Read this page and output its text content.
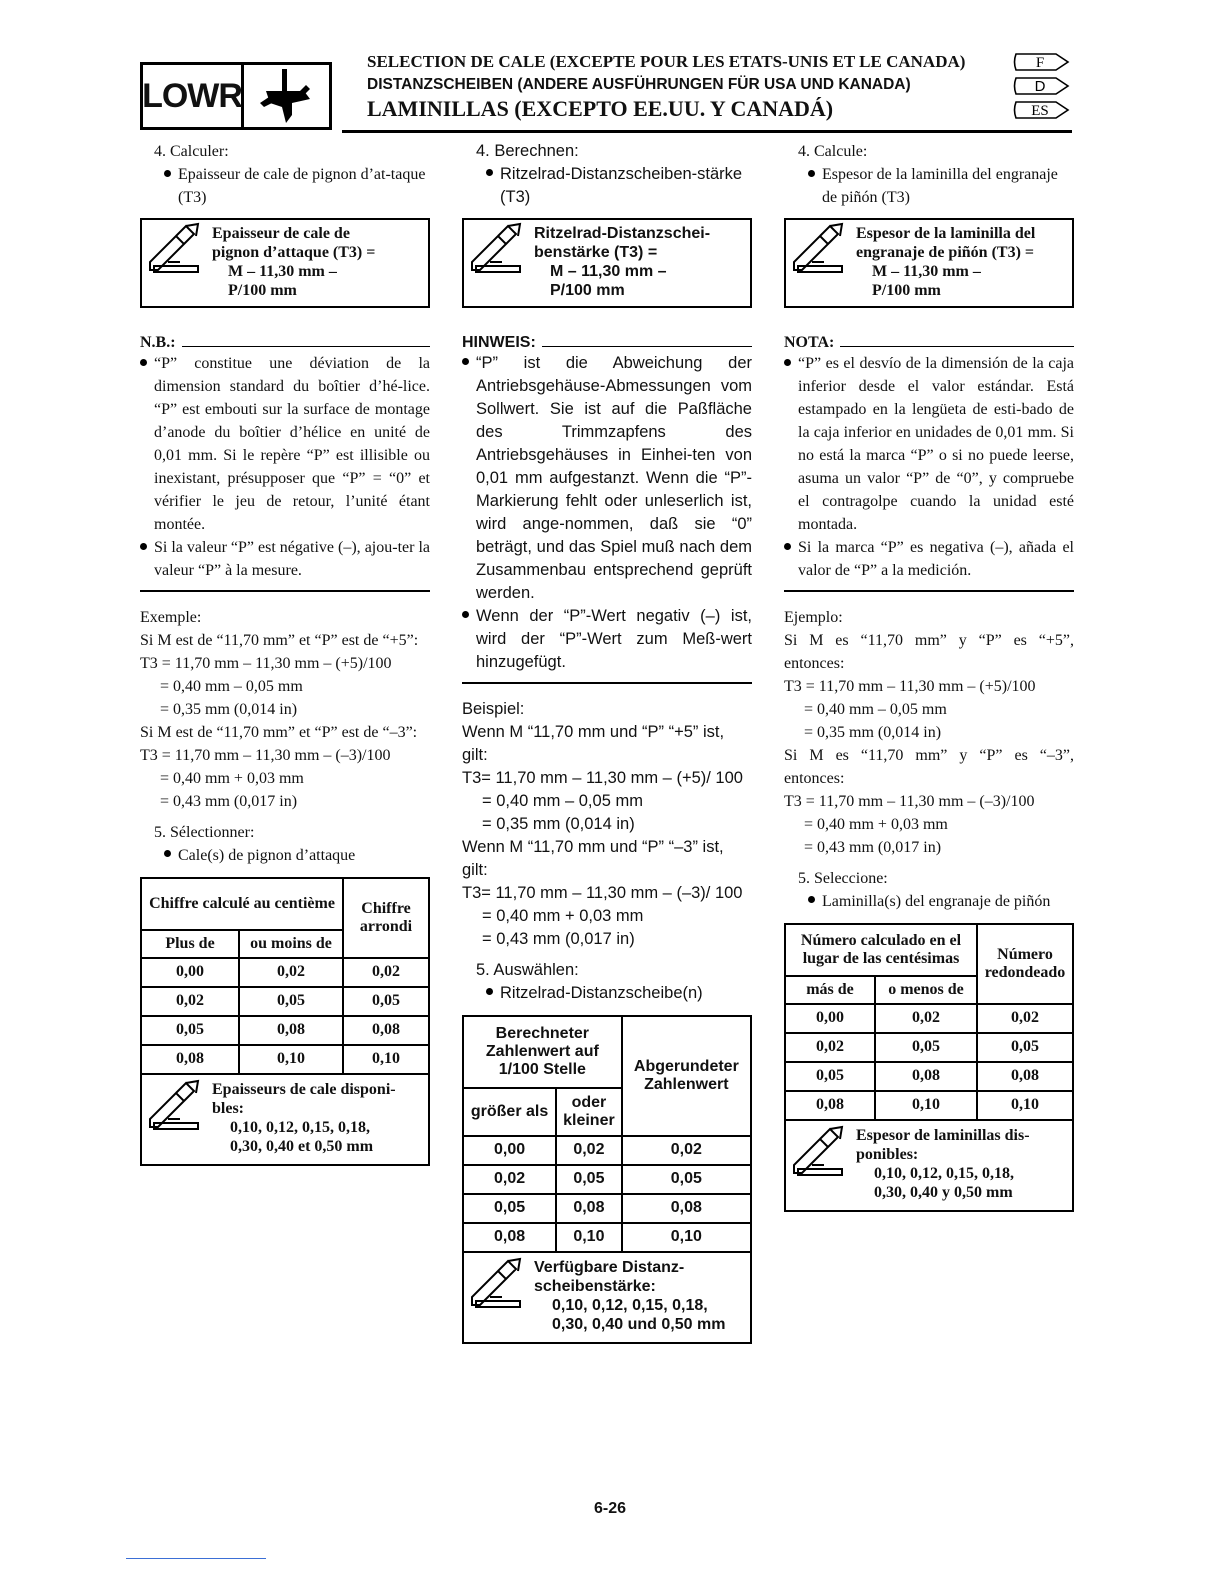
LOWR
SELECTION DE CALE (EXCEPTE POUR LES ETATS-UNIS ET LE CANADA)
DISTANZSCHEIBEN (ANDERE AUSFÜHRUNGEN FÜR USA UND KANADA)
LAMINILLAS (EXCEPTO EE.UU. Y CANADÁ)
F
D
ES

4. Calculer:

Epaisseur de cale de pignon d’at-taque (T3)

Epaisseur de cale de
pignon d’attaque (T3) =
M – 11,30 mm –
P/100 mm
N.B.:

“P” constitue une déviation de la dimension standard du boîtier d’hé-lice. “P” est embouti sur la surface de montage d’anode du boîtier d’hélice en unité de 0,01 mm. Si le repère “P” est illisible ou inexistant, présupposer que “P” = “0” et vérifier le jeu de retour, l’unité étant montée.

Si la valeur “P” est négative (–), ajou-ter la valeur “P” à la mesure.

Exemple:

Si M est de “11,70 mm” et “P” est de “+5”:

T3 = 11,70 mm – 11,30 mm – (+5)/100

= 0,40 mm – 0,05 mm

= 0,35 mm (0,014 in)

Si M est de “11,70 mm” et “P” est de “–3”:

T3 = 11,70 mm – 11,30 mm – (–3)/100

= 0,40 mm + 0,03 mm

= 0,43 mm (0,017 in)

5. Sélectionner:

Cale(s) de pignon d’attaque

Chiffre calculé au centième		Chiffre arrondi
Plus de	ou moins de	
0,00	0,02	0,02
0,02	0,05	0,05
0,05	0,08	0,08
0,08	0,10	0,10
Epaisseurs de cale disponi-bles:
0,10, 0,12, 0,15, 0,18,
0,30, 0,40 et 0,50 mm

4. Berechnen:

Ritzelrad-Distanzscheiben-stärke (T3)

Ritzelrad-Distanzschei-
benstärke (T3) =
M – 11,30 mm –
P/100 mm
HINWEIS:

“P” ist die Abweichung der Antriebsgehäuse-Abmessungen vom Sollwert. Sie ist auf die Paßfläche des Trimmzapfens des Antriebsgehäuses in Einhei-ten von 0,01 mm aufgestanzt. Wenn die “P”-Markierung fehlt oder unleserlich ist, wird ange-nommen, daß sie “0” beträgt, und das Spiel muß nach dem Zusammenbau entsprechend geprüft werden.

Wenn der “P”-Wert negativ (–) ist, wird der “P”-Wert zum Meß-wert hinzugefügt.

Beispiel:

Wenn M “11,70 mm und “P” “+5” ist, gilt:

T3= 11,70 mm – 11,30 mm – (+5)/ 100

= 0,40 mm – 0,05 mm

= 0,35 mm (0,014 in)

Wenn M “11,70 mm und “P” “–3” ist, gilt:

T3= 11,70 mm – 11,30 mm – (–3)/ 100

= 0,40 mm + 0,03 mm

= 0,43 mm (0,017 in)

5. Auswählen:

Ritzelrad-Distanzscheibe(n)

Berechneter Zahlenwert auf 1/100 Stelle		Abgerundeter Zahlenwert
größer als	oder kleiner	
0,00	0,02	0,02
0,02	0,05	0,05
0,05	0,08	0,08
0,08	0,10	0,10
Verfügbare Distanz-scheibenstärke:
0,10, 0,12, 0,15, 0,18,
0,30, 0,40 und 0,50 mm

4. Calcule:

Espesor de la laminilla del engranaje de piñón (T3)

Espesor de la laminilla del
engranaje de piñón (T3) =
M – 11,30 mm –
P/100 mm
NOTA:

“P” es el desvío de la dimensión de la caja inferior desde el valor estándar. Está estampado en la lengüeta de esti-bado de la caja inferior en unidades de 0,01 mm. Si no está la marca “P” o si no puede leerse, asuma un valor “P” de “0”, y compruebe el contragolpe cuando la unidad esté montada.

Si la marca “P” es negativa (–), añada el valor de “P” a la medición.

Ejemplo:

Si M es “11,70 mm” y “P” es “+5”, entonces:

T3 = 11,70 mm – 11,30 mm – (+5)/100

= 0,40 mm – 0,05 mm

= 0,35 mm (0,014 in)

Si M es “11,70 mm” y “P” es “–3”, entonces:

T3 = 11,70 mm – 11,30 mm – (–3)/100

= 0,40 mm + 0,03 mm

= 0,43 mm (0,017 in)

5. Seleccione:

Laminilla(s) del engranaje de piñón

Número calculado en el lugar de las centésimas		Número redondeado
más de	o menos de	
0,00	0,02	0,02
0,02	0,05	0,05
0,05	0,08	0,08
0,08	0,10	0,10
Espesor de laminillas dis-ponibles:
0,10, 0,12, 0,15, 0,18,
0,30, 0,40 y 0,50 mm
6-26
